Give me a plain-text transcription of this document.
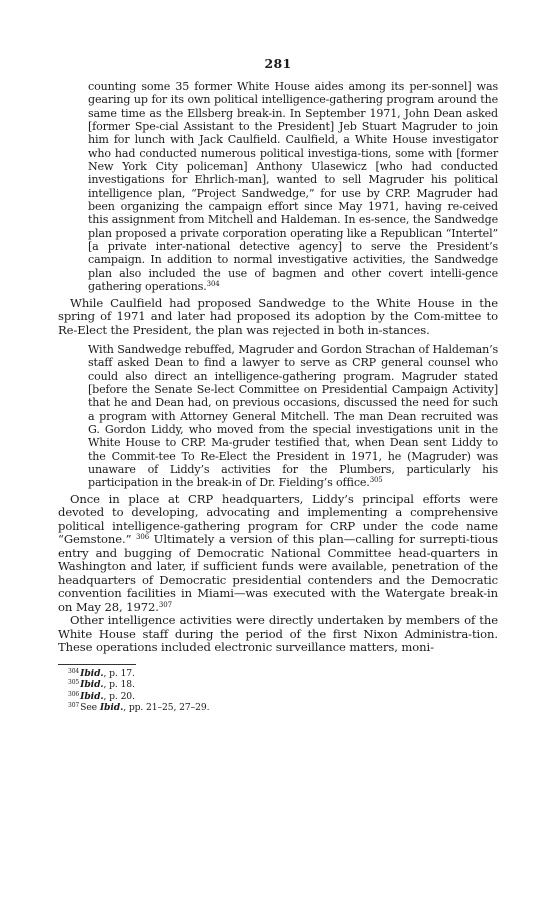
281

counting some 35 former White House aides among its per-sonnel] was gearing up for its own political intelligence-gathering program around the same time as the Ellsberg break-in. In September 1971, John Dean asked [former Spe-cial Assistant to the President] Jeb Stuart Magruder to join him for lunch with Jack Caulfield. Caulfield, a White House investigator who had conducted numerous political investiga-tions, some with [former New York City policeman] Anthony Ulasewicz [who had conducted investigations for Ehrlich-man], wanted to sell Magruder his political intelligence plan, “Project Sandwedge,” for use by CRP. Magruder had been organizing the campaign effort since May 1971, having re-ceived this assignment from Mitchell and Haldeman. In es-sence, the Sandwedge plan proposed a private corporation operating like a Republican “Intertel” [a private inter-national detective agency] to serve the President’s campaign. In addition to normal investigative activities, the Sandwedge plan also included the use of bagmen and other covert intelli-gence gathering operations.$^{304}$

While Caulfield had proposed Sandwedge to the White House in the spring of 1971 and later had proposed its adoption by the Com-mittee to Re-Elect the President, the plan was rejected in both in-stances.

With Sandwedge rebuffed, Magruder and Gordon Strachan of Haldeman’s staff asked Dean to find a lawyer to serve as CRP general counsel who could also direct an intelligence-gathering program. Magruder stated [before the Senate Se-lect Committee on Presidential Campaign Activity] that he and Dean had, on previous occasions, discussed the need for such a program with Attorney General Mitchell. The man Dean recruited was G. Gordon Liddy, who moved from the special investigations unit in the White House to CRP. Ma-gruder testified that, when Dean sent Liddy to the Commit-tee To Re-Elect the President in 1971, he (Magruder) was unaware of Liddy’s activities for the Plumbers, particularly his participation in the break-in of Dr. Fielding’s office.$^{305}$

Once in place at CRP headquarters, Liddy’s principal efforts were devoted to developing, advocating and implementing a comprehensive political intelligence-gathering program for CRP under the code name “Gemstone.” $^{306}$ Ultimately a version of this plan—calling for surrepti-tious entry and bugging of Democratic National Committee head-quarters in Washington and later, if sufficient funds were available, penetration of the headquarters of Democratic presidential contenders and the Democratic convention facilities in Miami—was executed with the Watergate break-in on May 28, 1972.$^{307}$

Other intelligence activities were directly undertaken by members of the White House staff during the period of the first Nixon Administra-tion. These operations included electronic surveillance matters, moni-

$^{304}$Ibid., p. 17.
$^{305}$Ibid., p. 18.
$^{306}$Ibid., p. 20.
$^{307}$See Ibid., pp. 21–25, 27–29.
